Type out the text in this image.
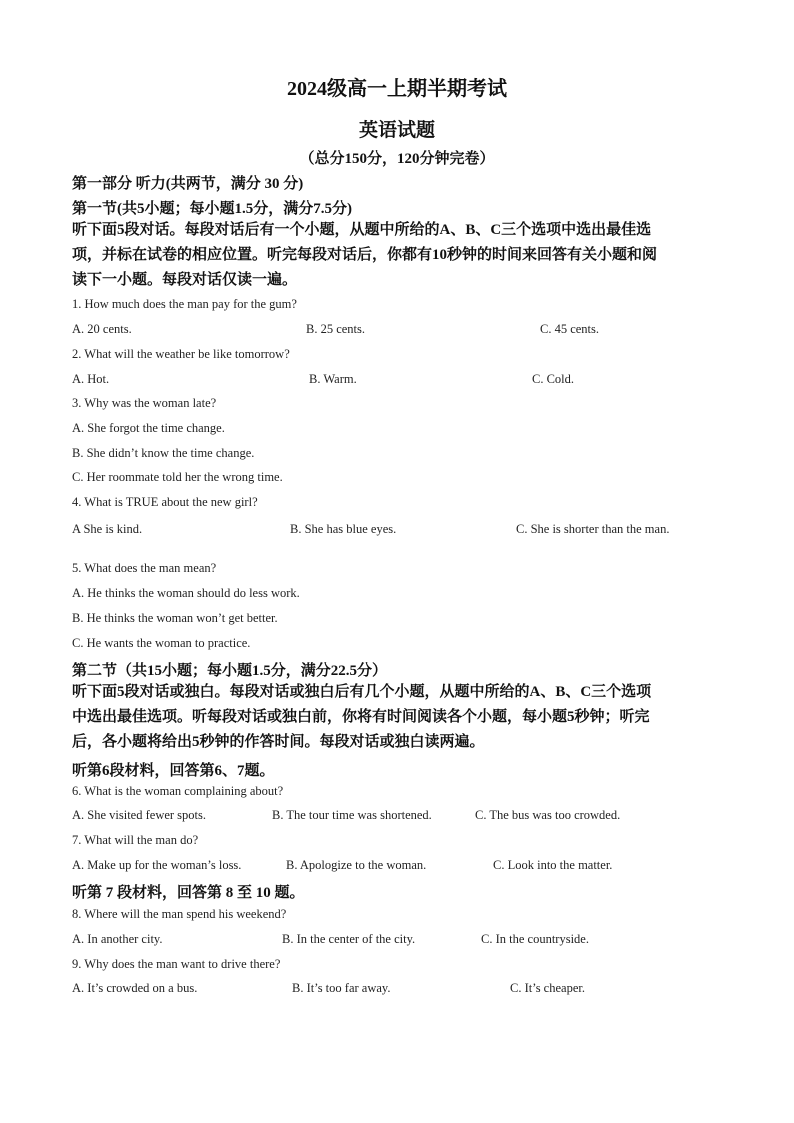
2024级高一上期半期考试
英语试题
（总分150分，120分钟完卷）
第一部分 听力(共两节，满分 30 分)
第一节(共5小题；每小题1.5分，满分7.5分)
听下面5段对话。每段对话后有一个小题，从题中所给的A、B、C三个选项中选出最佳选
项，并标在试卷的相应位置。听完每段对话后，你都有10秒钟的时间来回答有关小题和阅
读下一小题。每段对话仅读一遍。
1. How much does the man pay for the gum?
A. 20 cents.	B. 25 cents.	C. 45 cents.
2. What will the weather be like tomorrow?
A. Hot.	B. Warm.	C. Cold.
3. Why was the woman late?
A. She forgot the time change.
B. She didn’t know the time change.
C. Her roommate told her the wrong time.
4. What is TRUE about the new girl?
A She is kind.	B. She has blue eyes.	C. She is shorter than the man.
5. What does the man mean?
A. He thinks the woman should do less work.
B. He thinks the woman won’t get better.
C. He wants the woman to practice.
第二节（共15小题；每小题1.5分，满分22.5分）
听下面5段对话或独白。每段对话或独白后有几个小题，从题中所给的A、B、C三个选项
中选出最佳选项。听每段对话或独白前，你将有时间阅读各个小题，每小题5秒钟；听完
后，各小题将给出5秒钟的作答时间。每段对话或独白读两遍。
听第6段材料，回答第6、7题。
6. What is the woman complaining about?
A. She visited fewer spots.	B. The tour time was shortened.	C. The bus was too crowded.
7. What will the man do?
A. Make up for the woman’s loss.	B. Apologize to the woman.	C. Look into the matter.
听第 7 段材料，回答第 8 至 10 题。
8. Where will the man spend his weekend?
A. In another city.	B. In the center of the city.	C. In the countryside.
9. Why does the man want to drive there?
A. It’s crowded on a bus.	B. It’s too far away.	C. It’s cheaper.
